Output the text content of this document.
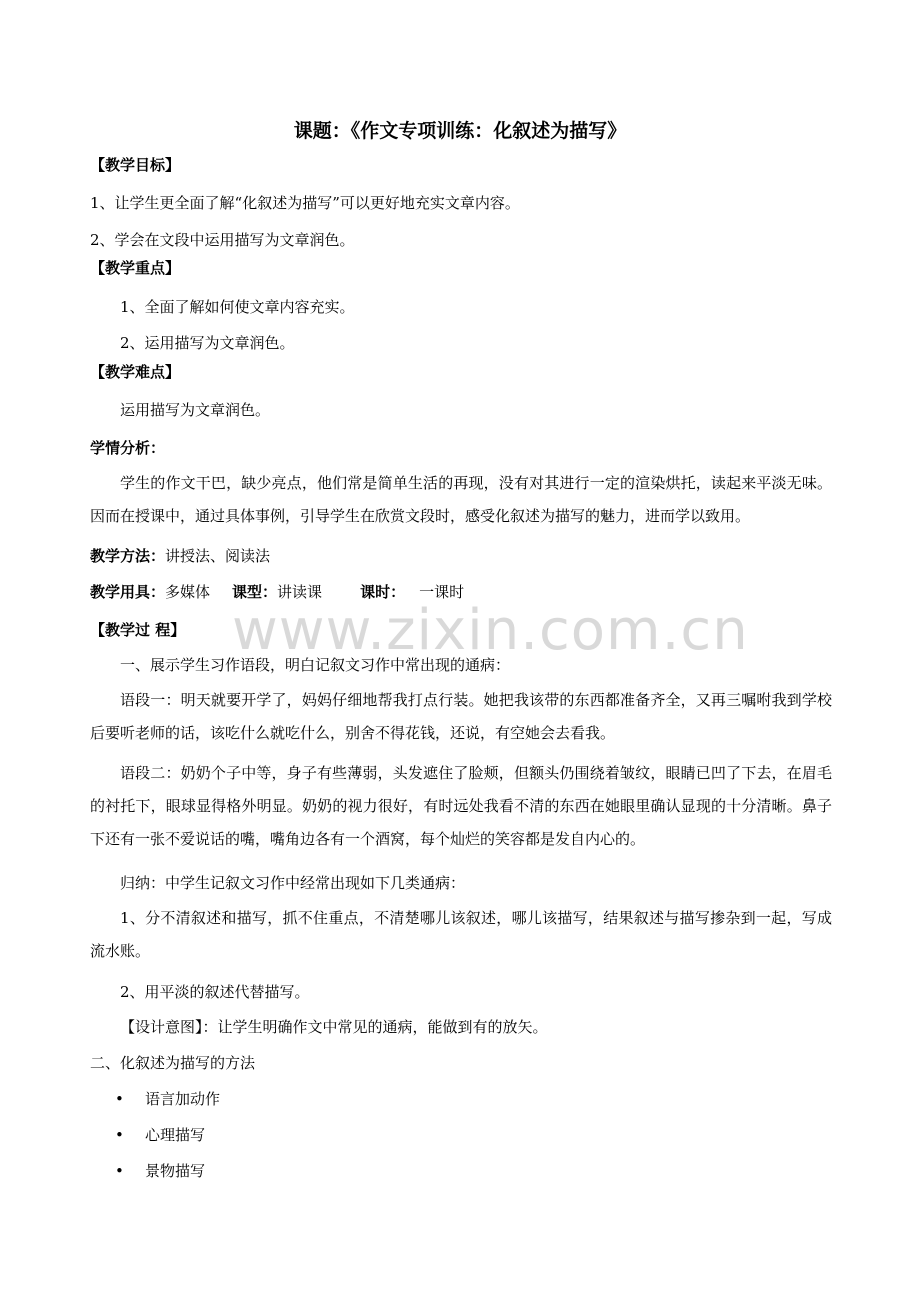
www.zixin.com.cn
课题：《作文专项训练：化叙述为描写》
【教学目标】
1、让学生更全面了解“化叙述为描写”可以更好地充实文章内容。
2、学会在文段中运用描写为文章润色。
【教学重点】
1、全面了解如何使文章内容充实。
2、运用描写为文章润色。
【教学难点】
运用描写为文章润色。
学情分析：
学生的作文干巴，缺少亮点，他们常是简单生活的再现，没有对其进行一定的渲染烘托，读起来平淡无味。因而在授课中，通过具体事例，引导学生在欣赏文段时，感受化叙述为描写的魅力，进而学以致用。
教学方法：讲授法、阅读法
教学用具：多媒体 课型：讲读课	课时： 一课时
【教学过 程】
一、展示学生习作语段，明白记叙文习作中常出现的通病：
语段一：明天就要开学了，妈妈仔细地帮我打点行装。她把我该带的东西都准备齐全，又再三嘱咐我到学校后要听老师的话，该吃什么就吃什么，别舍不得花钱，还说，有空她会去看我。
语段二：奶奶个子中等，身子有些薄弱，头发遮住了脸颊，但额头仍围绕着皱纹，眼睛已凹了下去，在眉毛的衬托下，眼球显得格外明显。奶奶的视力很好，有时远处我看不清的东西在她眼里确认显现的十分清晰。鼻子下还有一张不爱说话的嘴，嘴角边各有一个酒窝，每个灿烂的笑容都是发自内心的。
归纳：中学生记叙文习作中经常出现如下几类通病：
1、分不清叙述和描写，抓不住重点，不清楚哪儿该叙述，哪儿该描写，结果叙述与描写掺杂到一起，写成流水账。
2、用平淡的叙述代替描写。
【设计意图】：让学生明确作文中常见的通病，能做到有的放矢。
二、化叙述为描写的方法
• 语言加动作
• 心理描写
• 景物描写
